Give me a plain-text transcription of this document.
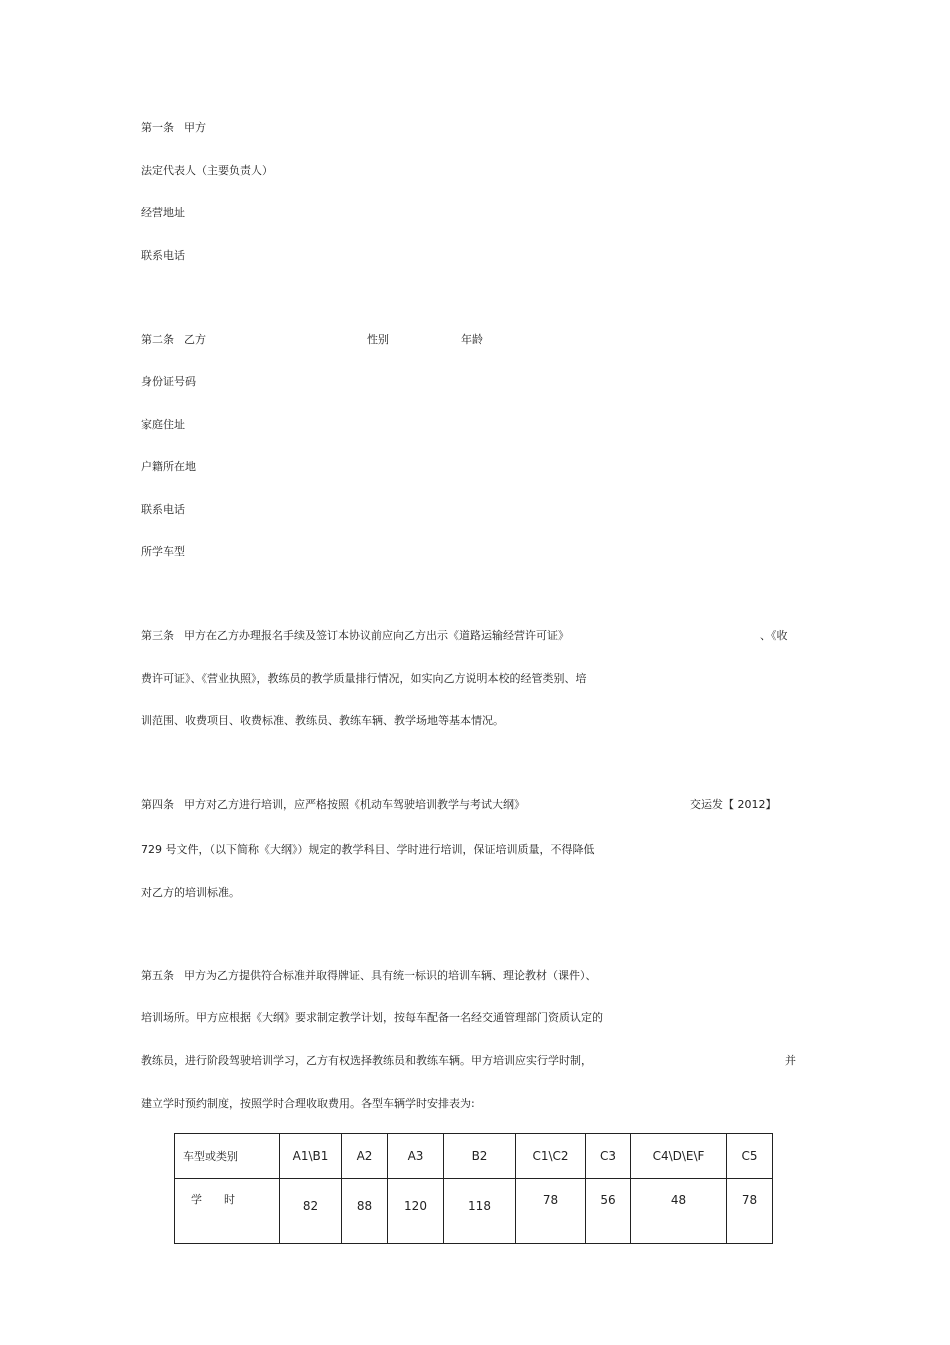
第一条 甲方
法定代表人（主要负责人）
经营地址
联系电话
第二条 乙方	性别	年龄
身份证号码
家庭住址
户籍所在地
联系电话
所学车型
第三条 甲方在乙方办理报名手续及签订本协议前应向乙方出示《道路运输经营许可证》	、《收
费许可证》、《营业执照》，教练员的教学质量排行情况，如实向乙方说明本校的经管类别、培
训范围、收费项目、收费标准、教练员、教练车辆、教学场地等基本情况。
第四条 甲方对乙方进行培训，应严格按照《机动车驾驶培训教学与考试大纲》	交运发【 2012】
729 号文件，（以下简称《大纲》）规定的教学科目、学时进行培训，保证培训质量，不得降低
对乙方的培训标准。
第五条 甲方为乙方提供符合标准并取得牌证、具有统一标识的培训车辆、理论教材（课件）、
培训场所。甲方应根据《大纲》要求制定教学计划，按每车配备一名经交通管理部门资质认定的
教练员，进行阶段驾驶培训学习，乙方有权选择教练员和教练车辆。甲方培训应实行学时制，	并
建立学时预约制度，按照学时合理收取费用。各型车辆学时安排表为:
车型或类别	A1\B1	A2	A3	B2	C1\C2	C3	C4\D\E\F	C5
学　　时	82	88	120	118	78	56	48	78
